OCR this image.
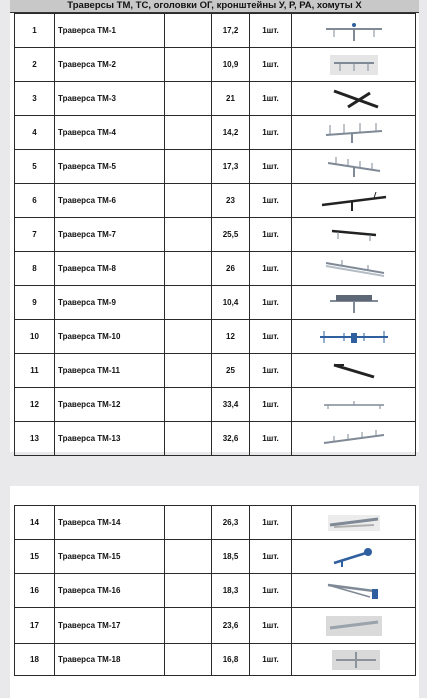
Траверсы ТМ, ТС, оголовки ОГ, кронштейны У, Р, РА, хомуты Х
1	Траверса ТМ-1		17,2	1шт.	

2	Траверса ТМ-2		10,9	1шт.	

3	Траверса ТМ-3		21	1шт.	

4	Траверса ТМ-4		14,2	1шт.	

5	Траверса ТМ-5		17,3	1шт.	

6	Траверса ТМ-6		23	1шт.	

7	Траверса ТМ-7		25,5	1шт.	

8	Траверса ТМ-8		26	1шт.	

9	Траверса ТМ-9		10,4	1шт.	

10	Траверса ТМ-10		12	1шт.	

11	Траверса ТМ-11		25	1шт.	

12	Траверса ТМ-12		33,4	1шт.	

13	Траверса ТМ-13		32,6	1шт.	
14	Траверса ТМ-14		26,3	1шт.	

15	Траверса ТМ-15		18,5	1шт.	

16	Траверса ТМ-16		18,3	1шт.	

17	Траверса ТМ-17		23,6	1шт.	

18	Траверса ТМ-18		16,8	1шт.	
